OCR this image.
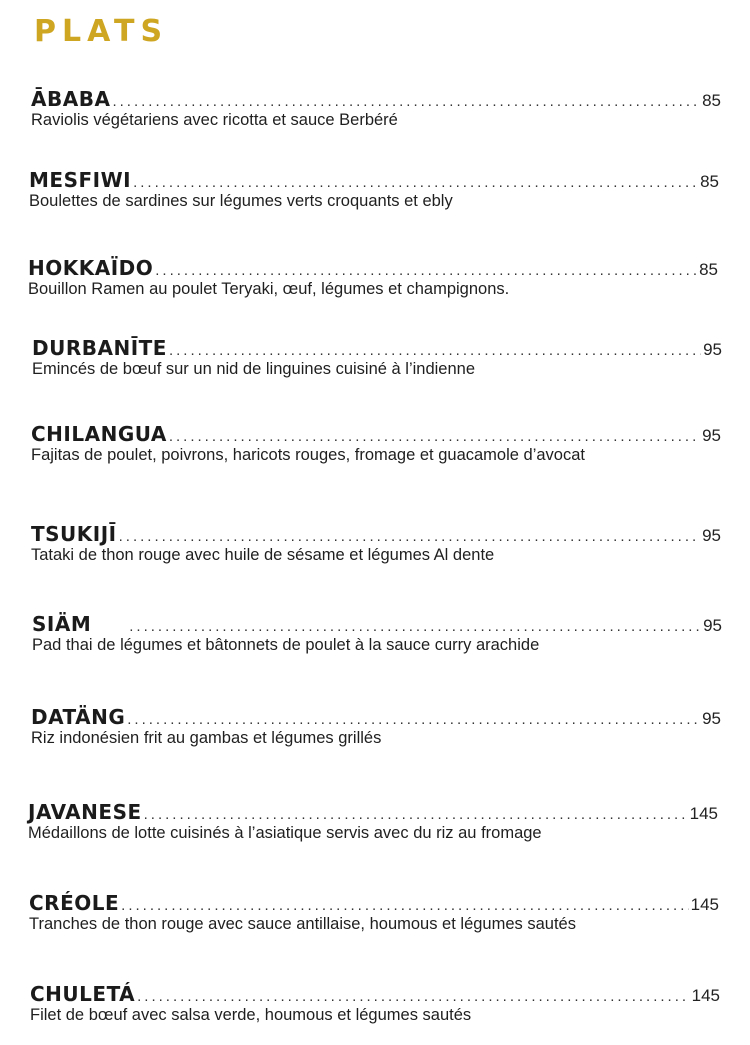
PLATS
ĀBABA .....	85
Raviolis végétariens avec ricotta et sauce Berbéré
MESFIWI .....	85
Boulettes de sardines sur légumes verts croquants et ebly
HOKKAÏDO .....	85
Bouillon Ramen au poulet Teryaki, œuf, légumes et champignons.
DURBANĪTE .....	95
Emincés de bœuf sur un nid de linguines cuisiné à l’indienne
CHILANGUA .....	95
Fajitas de poulet, poivrons, haricots rouges, fromage et guacamole d’avocat
TSUKIJĪ .....	95
Tataki de thon rouge avec huile de sésame et légumes Al dente
SIÄM .....	95
Pad thai de légumes et bâtonnets de poulet à la sauce curry arachide
DATÄNG .....	95
Riz indonésien frit au gambas et légumes grillés
JAVANESE .....	145
Médaillons de lotte cuisinés à l’asiatique servis avec du riz au fromage
CRÉOLE .....	145
Tranches de thon rouge avec sauce antillaise, houmous et légumes sautés
CHULETÁ .....	145
Filet de bœuf avec salsa verde, houmous et légumes sautés
